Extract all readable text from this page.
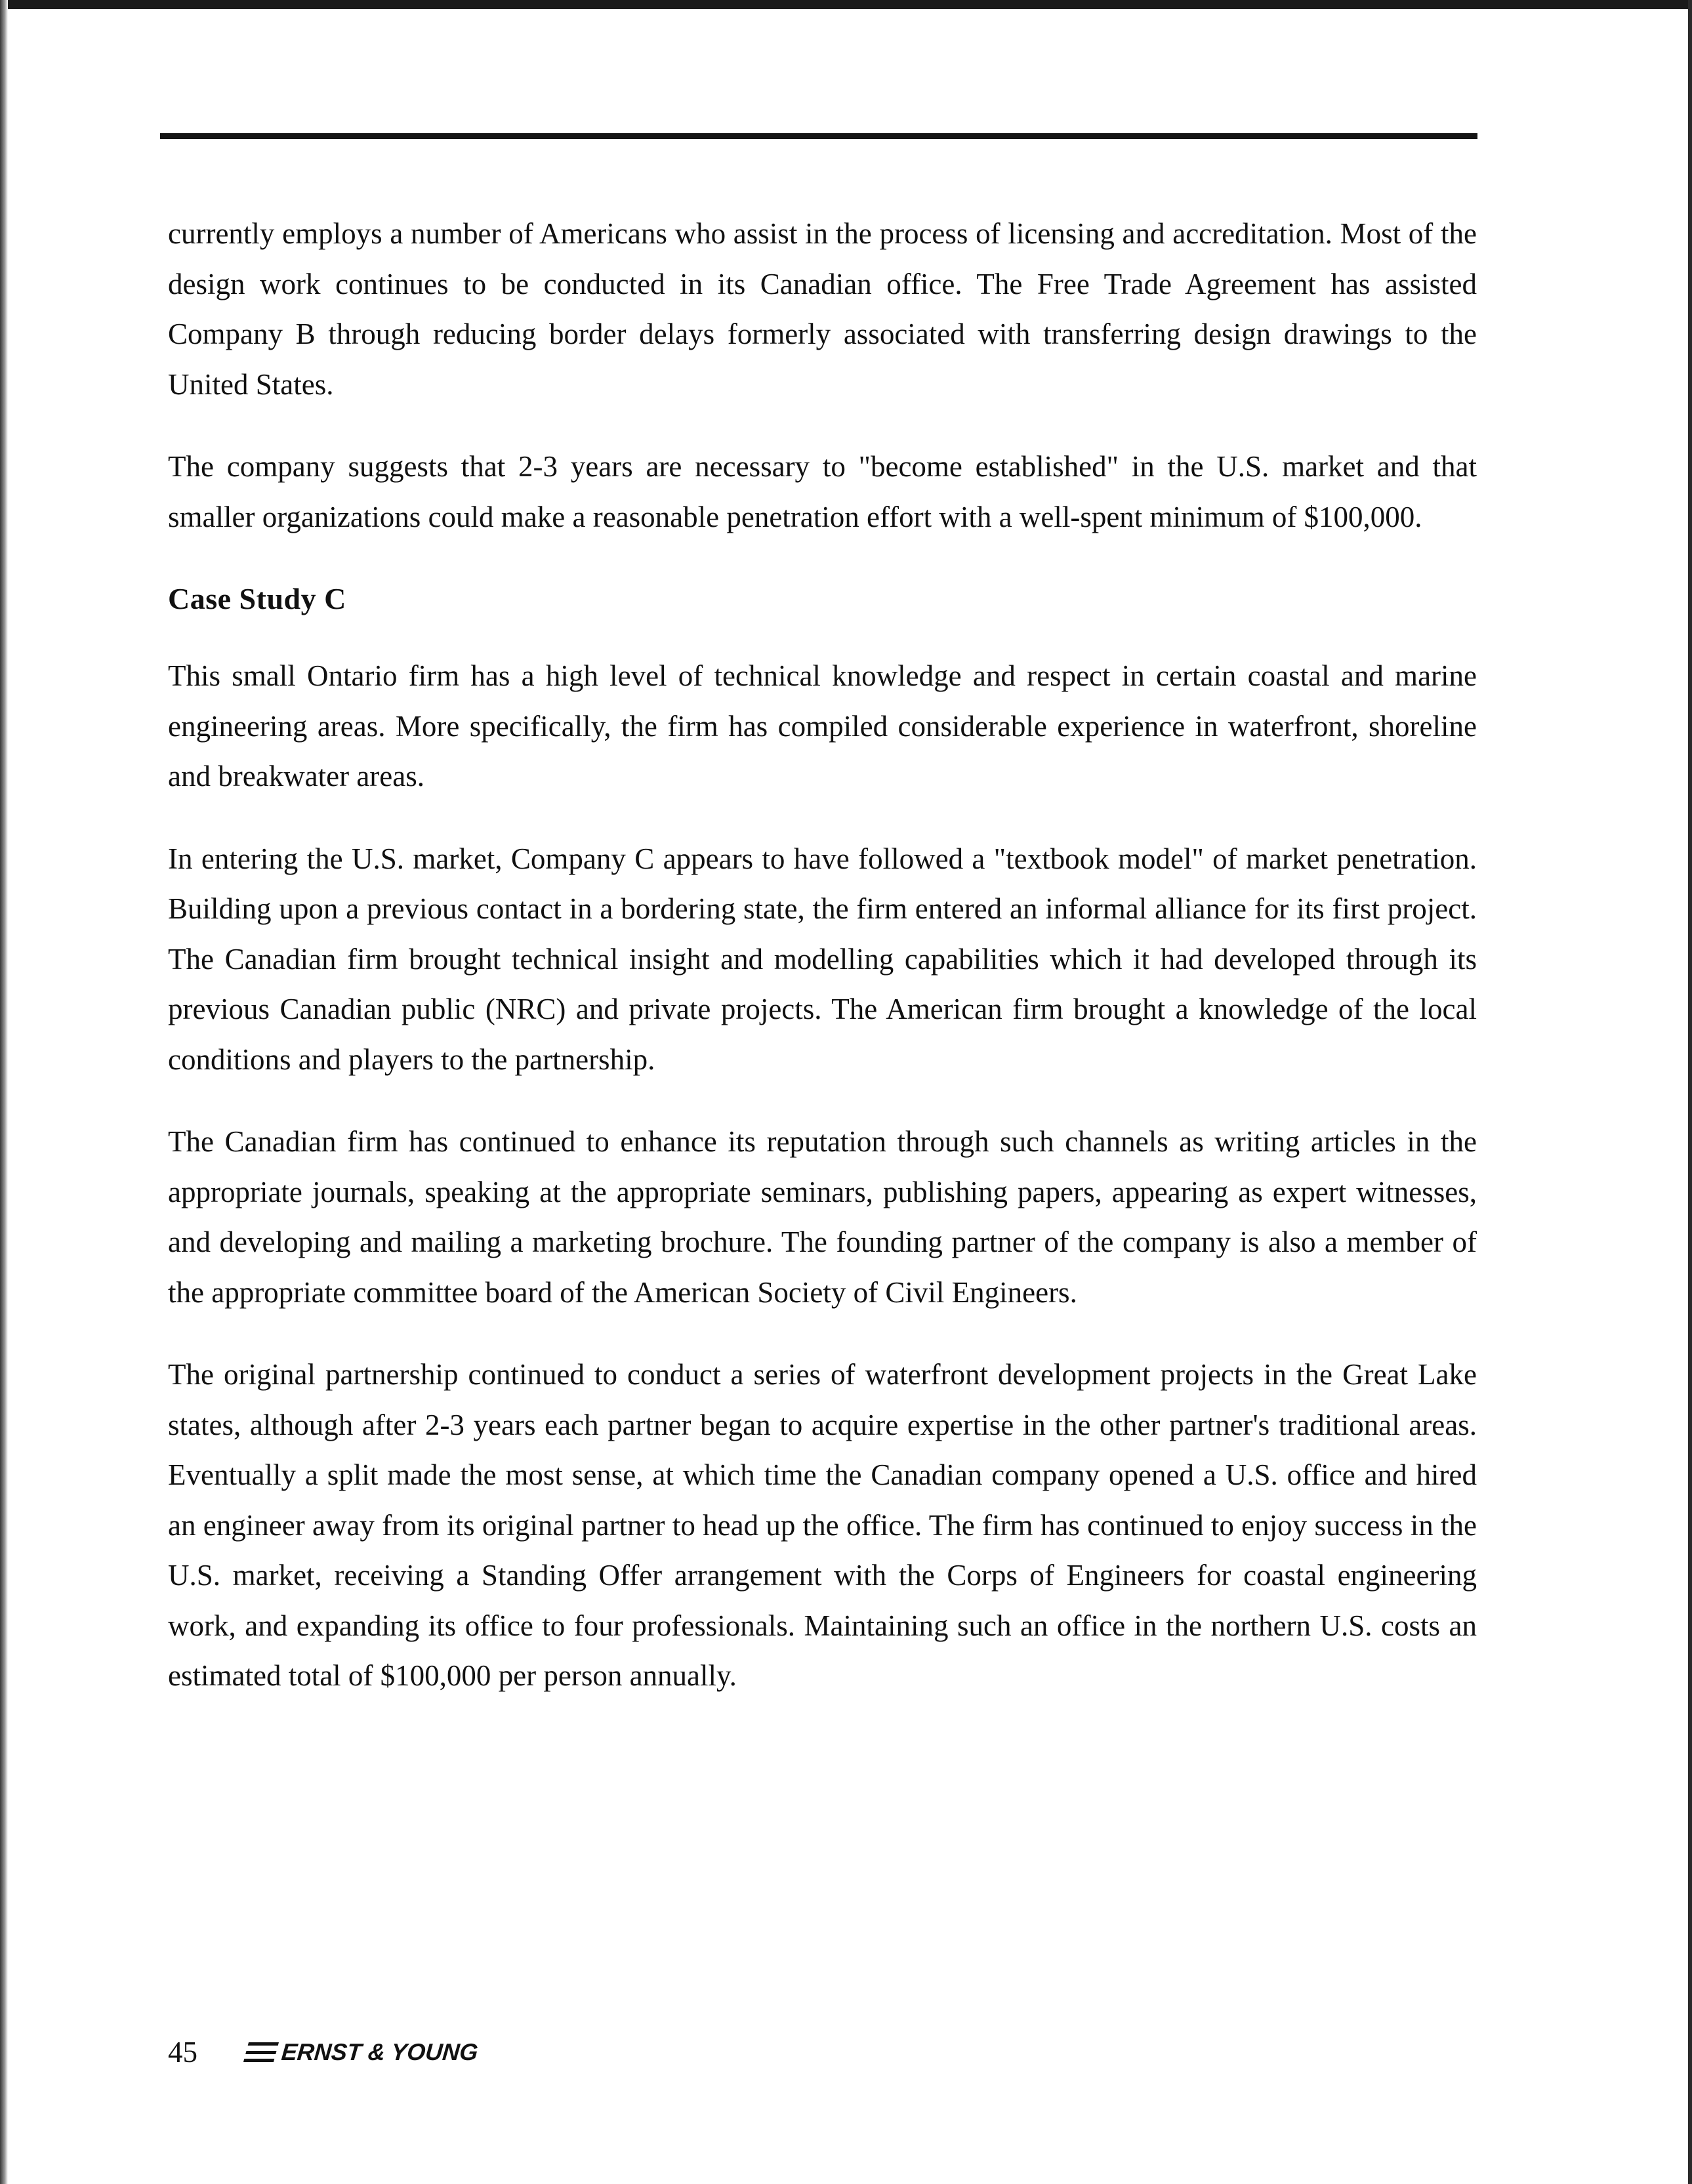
currently employs a number of Americans who assist in the process of licensing and accreditation. Most of the design work continues to be conducted in its Canadian office. The Free Trade Agreement has assisted Company B through reducing border delays formerly associated with transferring design drawings to the United States.

The company suggests that 2-3 years are necessary to "become established" in the U.S. market and that smaller organizations could make a reasonable penetration effort with a well-spent minimum of $100,000.

Case Study C

This small Ontario firm has a high level of technical knowledge and respect in certain coastal and marine engineering areas. More specifically, the firm has compiled considerable experience in waterfront, shoreline and breakwater areas.

In entering the U.S. market, Company C appears to have followed a "textbook model" of market penetration. Building upon a previous contact in a bordering state, the firm entered an informal alliance for its first project. The Canadian firm brought technical insight and modelling capabilities which it had developed through its previous Canadian public (NRC) and private projects. The American firm brought a knowledge of the local conditions and players to the partnership.

The Canadian firm has continued to enhance its reputation through such channels as writing articles in the appropriate journals, speaking at the appropriate seminars, publishing papers, appearing as expert witnesses, and developing and mailing a marketing brochure. The founding partner of the company is also a member of the appropriate committee board of the American Society of Civil Engineers.

The original partnership continued to conduct a series of waterfront development projects in the Great Lake states, although after 2-3 years each partner began to acquire expertise in the other partner's traditional areas. Eventually a split made the most sense, at which time the Canadian company opened a U.S. office and hired an engineer away from its original partner to head up the office. The firm has continued to enjoy success in the U.S. market, receiving a Standing Offer arrangement with the Corps of Engineers for coastal engineering work, and expanding its office to four professionals. Maintaining such an office in the northern U.S. costs an estimated total of $100,000 per person annually.

45	ERNST & YOUNG
